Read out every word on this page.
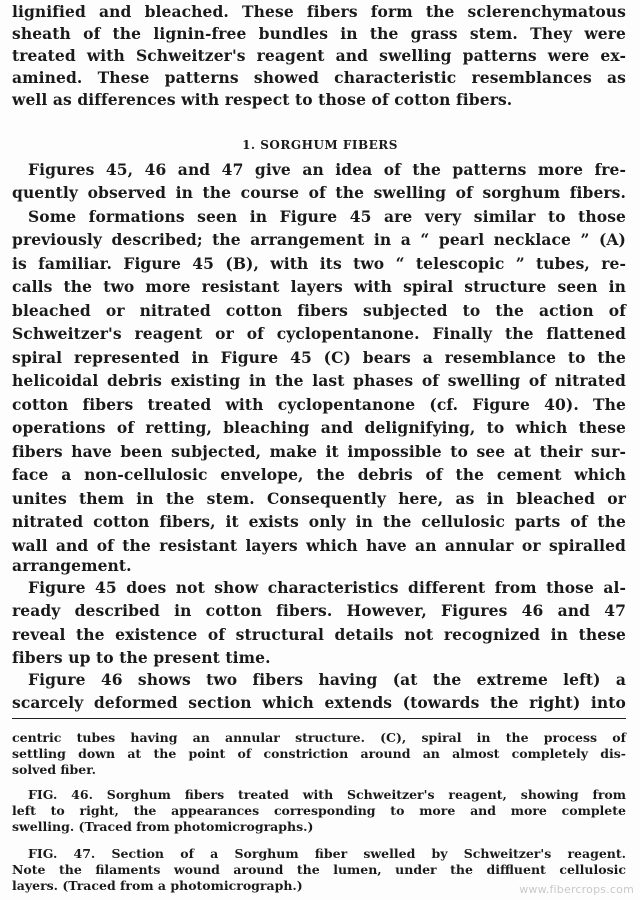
lignified and bleached. These fibers form the sclerenchymatous
sheath of the lignin-free bundles in the grass stem. They were
treated with Schweitzer's reagent and swelling patterns were ex-
amined. These patterns showed characteristic resemblances as
well as differences with respect to those of cotton fibers.
1. SORGHUM FIBERS
Figures 45, 46 and 47 give an idea of the patterns more fre-
quently observed in the course of the swelling of sorghum fibers.
Some formations seen in Figure 45 are very similar to those
previously described; the arrangement in a “ pearl necklace ” (A)
is familiar. Figure 45 (B), with its two “ telescopic ” tubes, re-
calls the two more resistant layers with spiral structure seen in
bleached or nitrated cotton fibers subjected to the action of
Schweitzer's reagent or of cyclopentanone. Finally the flattened
spiral represented in Figure 45 (C) bears a resemblance to the
helicoidal debris existing in the last phases of swelling of nitrated
cotton fibers treated with cyclopentanone (cf. Figure 40). The
operations of retting, bleaching and delignifying, to which these
fibers have been subjected, make it impossible to see at their sur-
face a non-cellulosic envelope, the debris of the cement which
unites them in the stem. Consequently here, as in bleached or
nitrated cotton fibers, it exists only in the cellulosic parts of the
wall and of the resistant layers which have an annular or spiralled
arrangement.
Figure 45 does not show characteristics different from those al-
ready described in cotton fibers. However, Figures 46 and 47
reveal the existence of structural details not recognized in these
fibers up to the present time.
Figure 46 shows two fibers having (at the extreme left) a
scarcely deformed section which extends (towards the right) into
centric tubes having an annular structure. (C), spiral in the process of
settling down at the point of constriction around an almost completely dis-
solved fiber.
FIG. 46. Sorghum fibers treated with Schweitzer's reagent, showing from
left to right, the appearances corresponding to more and more complete
swelling. (Traced from photomicrographs.)
FIG. 47. Section of a Sorghum fiber swelled by Schweitzer's reagent.
Note the filaments wound around the lumen, under the diffluent cellulosic
layers. (Traced from a photomicrograph.)	www.fibercrops.com
